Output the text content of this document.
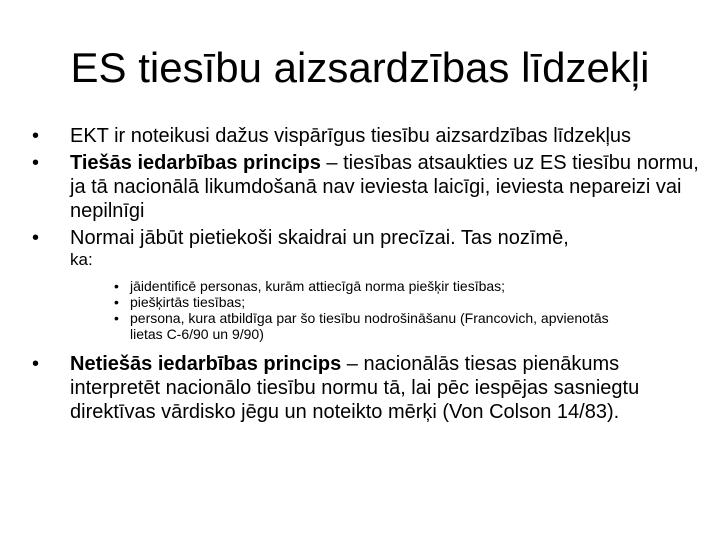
ES tiesību aizsardzības līdzekļi
• EKT ir noteikusi dažus vispārīgus tiesību aizsardzības līdzekļus
• Tiešās iedarbības princips – tiesības atsaukties uz ES tiesību normu, ja tā nacionālā likumdošanā nav ieviesta laicīgi, ieviesta nepareizi vai nepilnīgi
• Normai jābūt pietiekoši skaidrai un precīzai. Tas nozīmē,
ka:
• jāidentificē personas, kurām attiecīgā norma piešķir tiesības;
• piešķirtās tiesības;
• persona, kura atbildīga par šo tiesību nodrošināšanu (Francovich, apvienotās lietas C-6/90 un 9/90)
• Netiešās iedarbības princips – nacionālās tiesas pienākums interpretēt nacionālo tiesību normu tā, lai pēc iespējas sasniegtu direktīvas vārdisko jēgu un noteikto mērķi (Von Colson 14/83).
